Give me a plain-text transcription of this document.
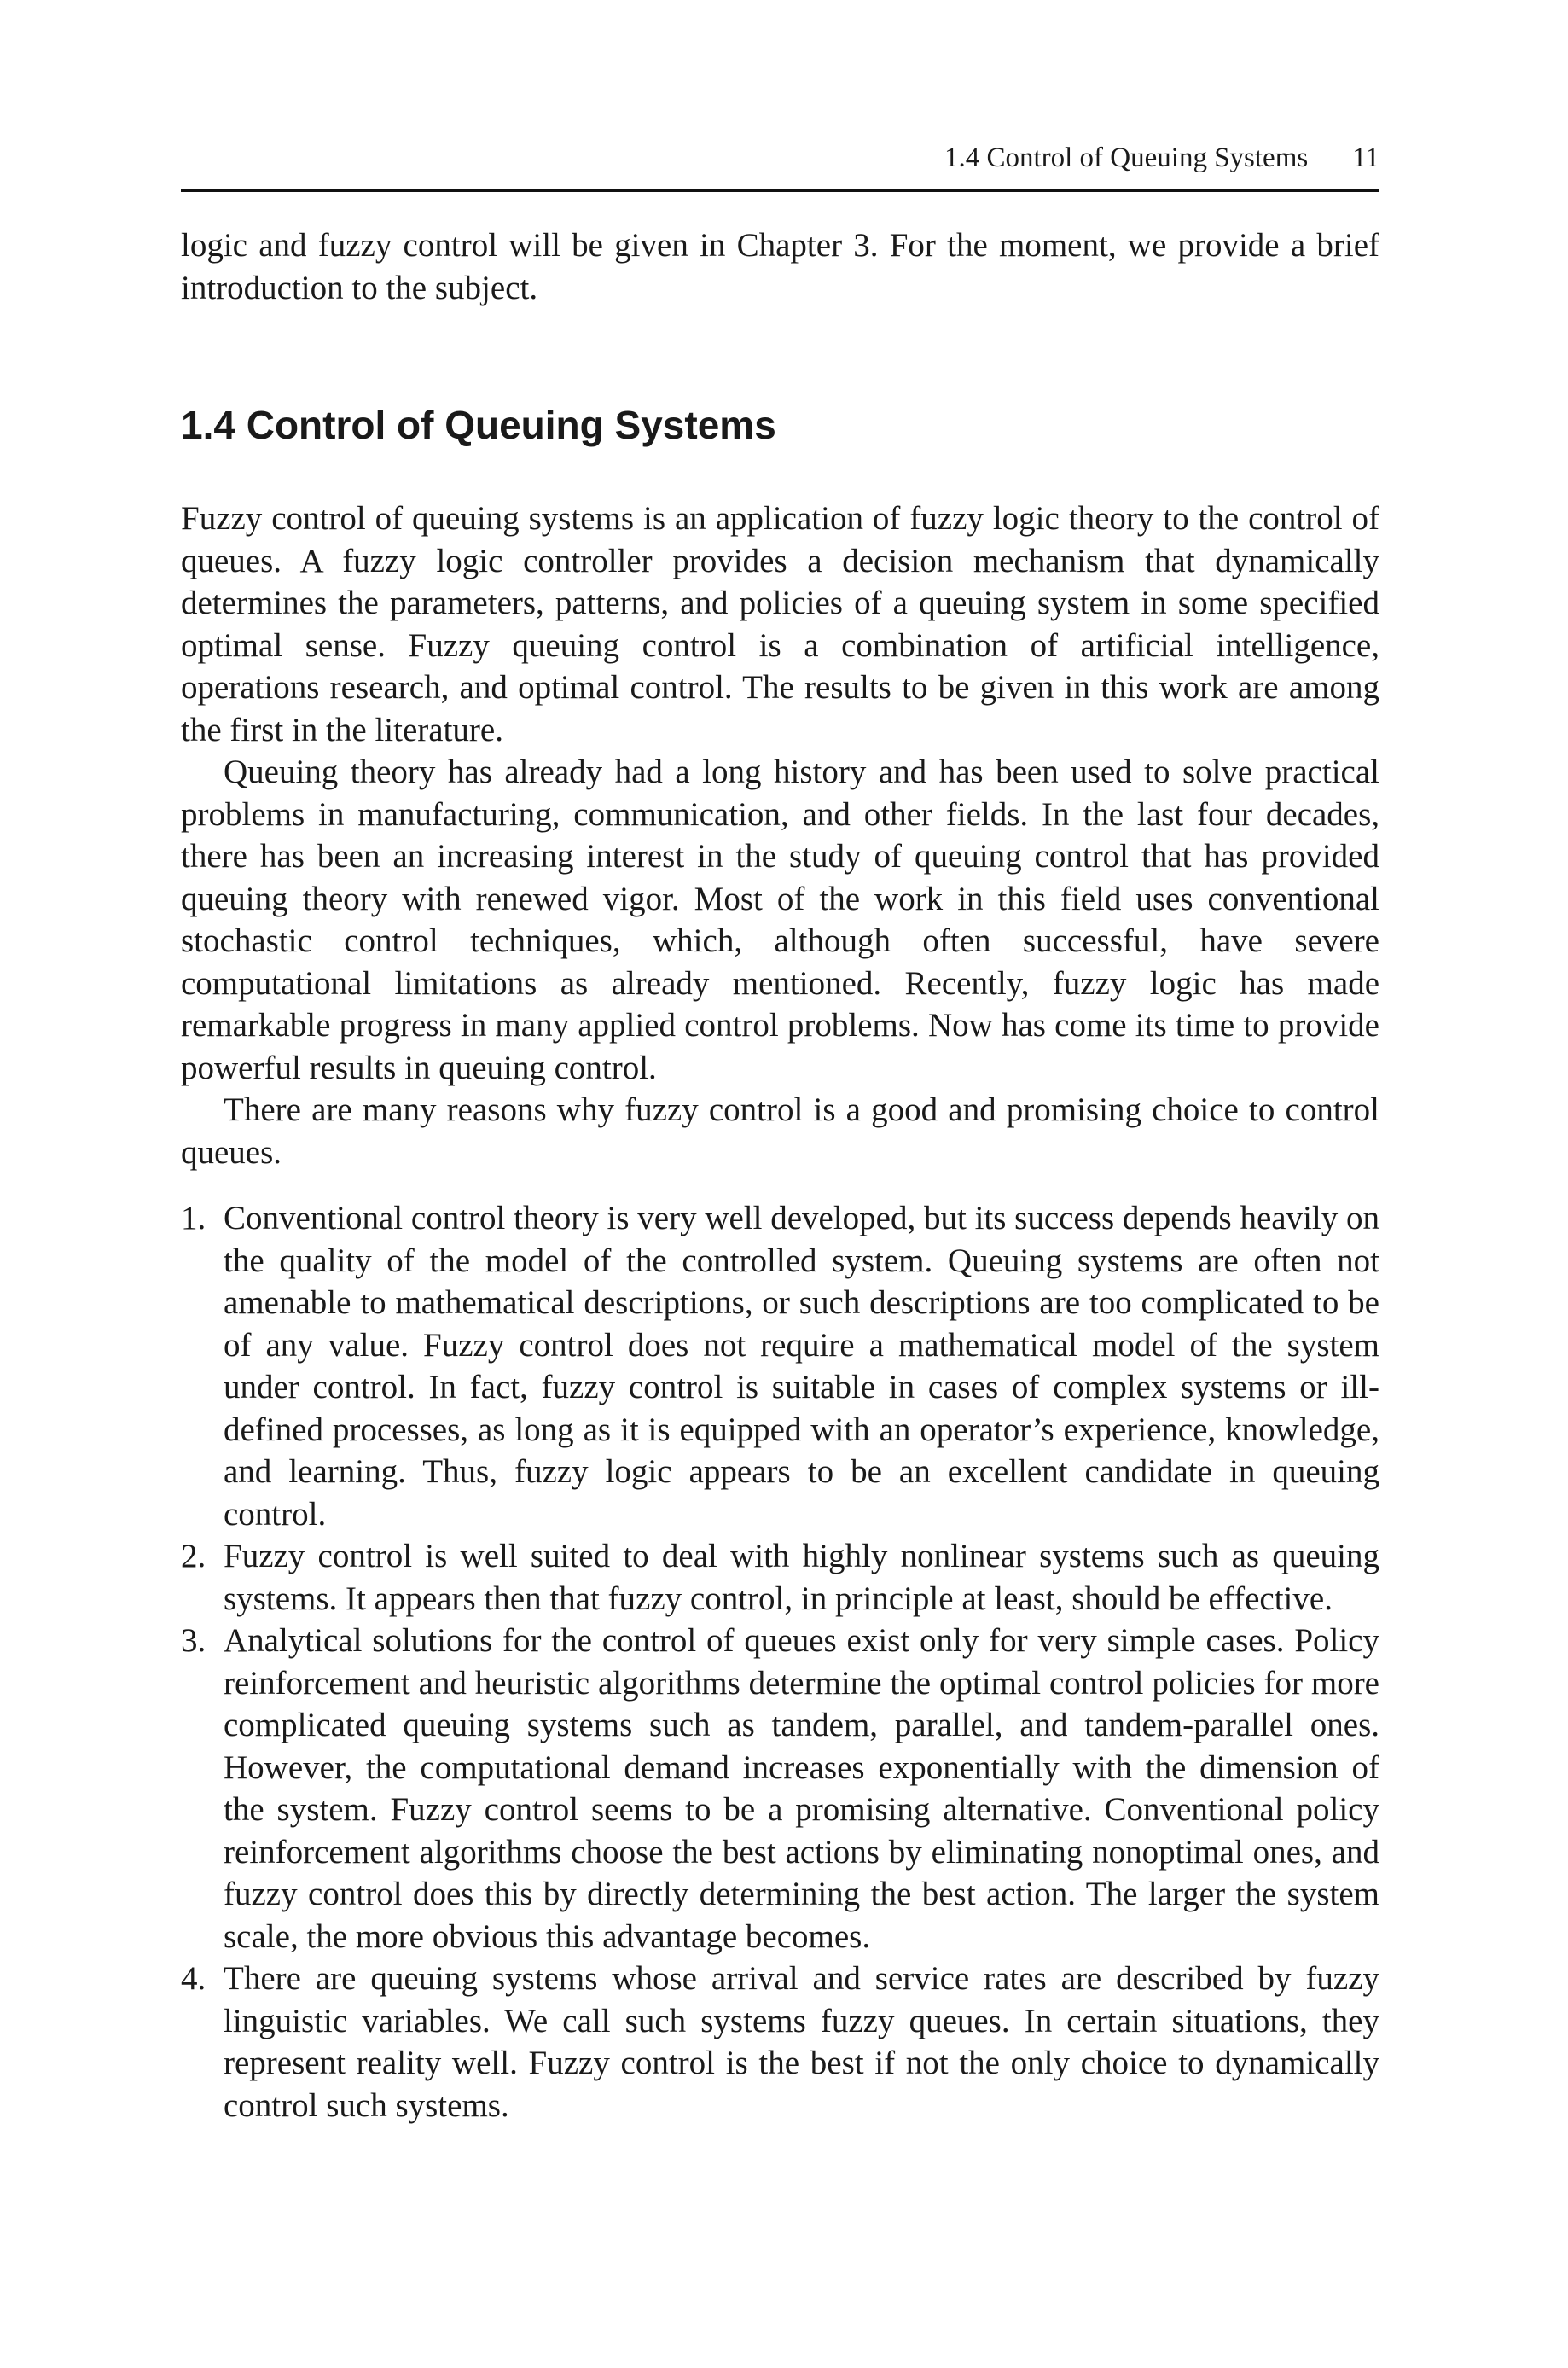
1.4 Control of Queuing Systems 11

logic and fuzzy control will be given in Chapter 3. For the moment, we provide a brief introduction to the subject.

1.4 Control of Queuing Systems

Fuzzy control of queuing systems is an application of fuzzy logic theory to the control of queues. A fuzzy logic controller provides a decision mechanism that dynamically determines the parameters, patterns, and policies of a queuing system in some specified optimal sense. Fuzzy queuing control is a combination of artificial intelligence, operations research, and optimal control. The results to be given in this work are among the first in the literature.

Queuing theory has already had a long history and has been used to solve practical problems in manufacturing, communication, and other fields. In the last four decades, there has been an increasing interest in the study of queuing control that has provided queuing theory with renewed vigor. Most of the work in this field uses conventional stochastic control techniques, which, although often successful, have severe computational limitations as already mentioned. Recently, fuzzy logic has made remarkable progress in many applied control problems. Now has come its time to provide powerful results in queuing control.

There are many reasons why fuzzy control is a good and promising choice to control queues.

1. Conventional control theory is very well developed, but its success depends heavily on the quality of the model of the controlled system. Queuing systems are often not amenable to mathematical descriptions, or such descriptions are too complicated to be of any value. Fuzzy control does not require a mathematical model of the system under control. In fact, fuzzy control is suitable in cases of complex systems or ill-defined processes, as long as it is equipped with an operator’s experience, knowledge, and learning. Thus, fuzzy logic appears to be an excellent candidate in queuing control.
2. Fuzzy control is well suited to deal with highly nonlinear systems such as queuing systems. It appears then that fuzzy control, in principle at least, should be effective.
3. Analytical solutions for the control of queues exist only for very simple cases. Policy reinforcement and heuristic algorithms determine the optimal control policies for more complicated queuing systems such as tandem, parallel, and tandem-parallel ones. However, the computational demand increases exponentially with the dimension of the system. Fuzzy control seems to be a promising alternative. Conventional policy reinforcement algorithms choose the best actions by eliminating nonoptimal ones, and fuzzy control does this by directly determining the best action. The larger the system scale, the more obvious this advantage becomes.
4. There are queuing systems whose arrival and service rates are described by fuzzy linguistic variables. We call such systems fuzzy queues. In certain situations, they represent reality well. Fuzzy control is the best if not the only choice to dynamically control such systems.
